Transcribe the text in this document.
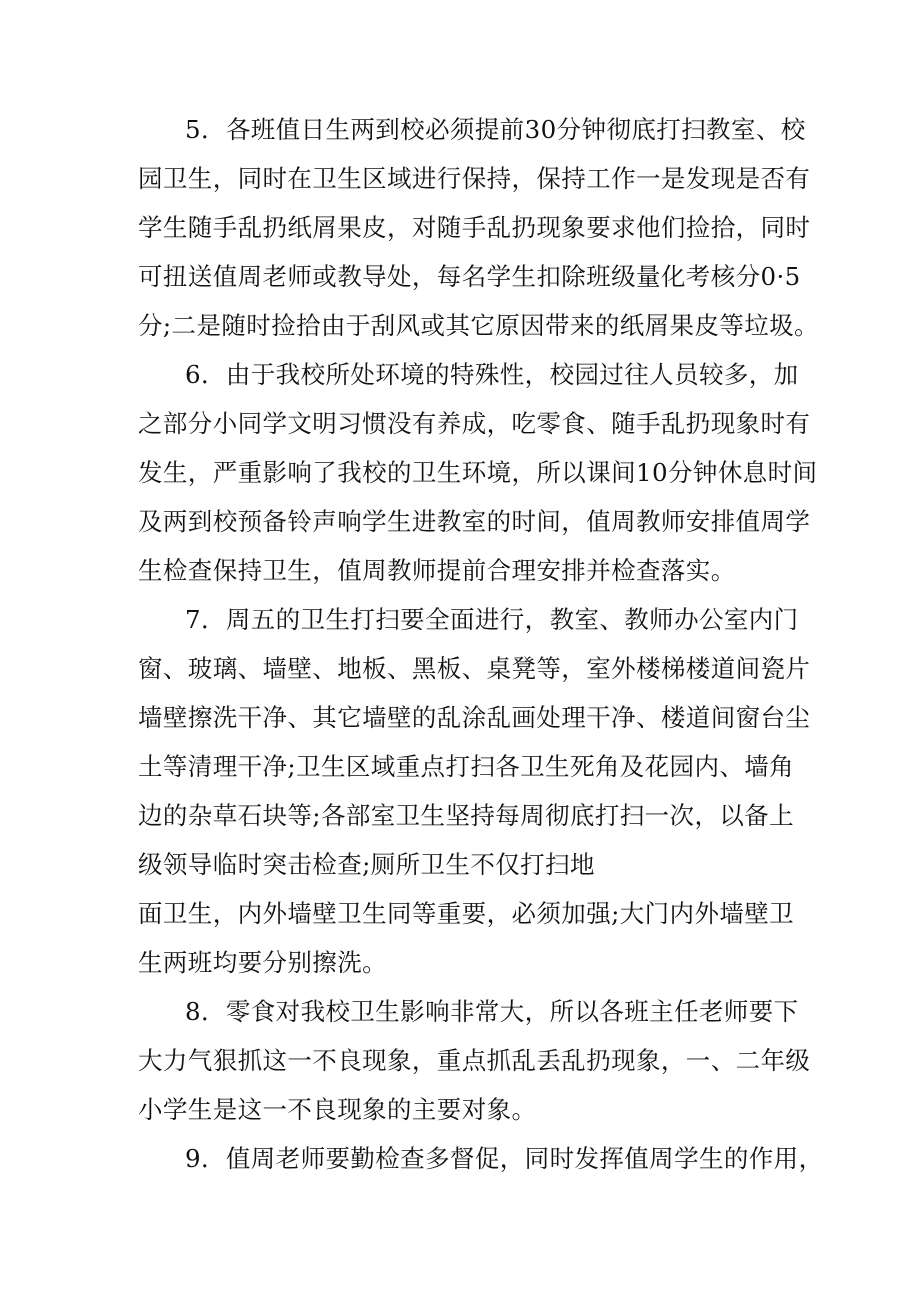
5．各班值日生两到校必须提前30分钟彻底打扫教室、校
园卫生，同时在卫生区域进行保持，保持工作一是发现是否有
学生随手乱扔纸屑果皮，对随手乱扔现象要求他们捡拾，同时
可扭送值周老师或教导处，每名学生扣除班级量化考核分0·5
分;二是随时捡拾由于刮风或其它原因带来的纸屑果皮等垃圾。
6．由于我校所处环境的特殊性，校园过往人员较多，加
之部分小同学文明习惯没有养成，吃零食、随手乱扔现象时有
发生，严重影响了我校的卫生环境，所以课间10分钟休息时间
及两到校预备铃声响学生进教室的时间，值周教师安排值周学
生检查保持卫生，值周教师提前合理安排并检查落实。
7．周五的卫生打扫要全面进行，教室、教师办公室内门
窗、玻璃、墙壁、地板、黑板、桌凳等，室外楼梯楼道间瓷片
墙壁擦洗干净、其它墙壁的乱涂乱画处理干净、楼道间窗台尘
土等清理干净;卫生区域重点打扫各卫生死角及花园内、墙角
边的杂草石块等;各部室卫生坚持每周彻底打扫一次，以备上
级领导临时突击检查;厕所卫生不仅打扫地
面卫生，内外墙壁卫生同等重要，必须加强;大门内外墙壁卫
生两班均要分别擦洗。
8．零食对我校卫生影响非常大，所以各班主任老师要下
大力气狠抓这一不良现象，重点抓乱丢乱扔现象，一、二年级
小学生是这一不良现象的主要对象。
9．值周老师要勤检查多督促，同时发挥值周学生的作用，
